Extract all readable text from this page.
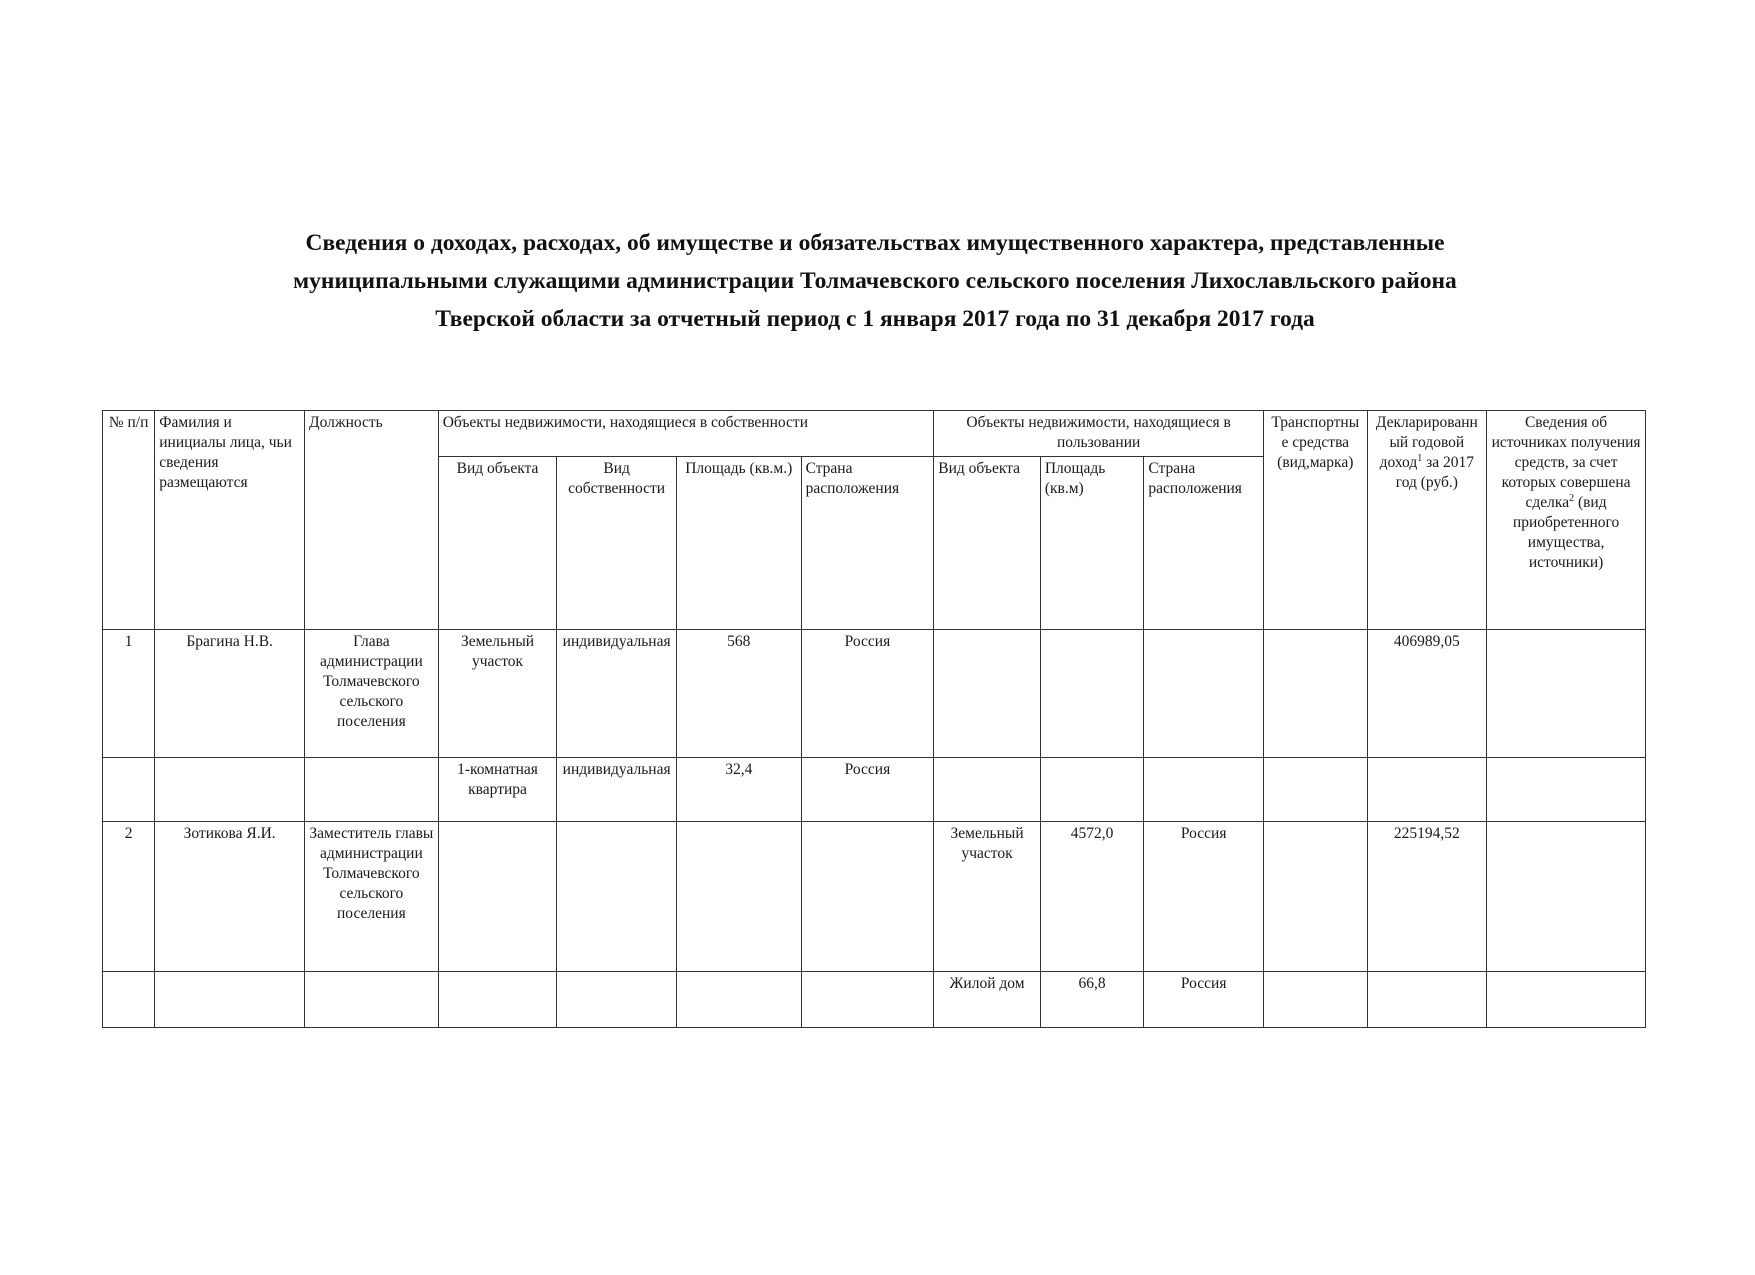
Сведения о доходах, расходах, об имуществе и обязательствах имущественного характера, представленные
муниципальными служащими администрации Толмачевского сельского поселения Лихославльского района
Тверской области за отчетный период с 1 января 2017 года по 31 декабря 2017 года
№ п/п	Фамилия и инициалы лица, чьи сведения размещаются	Должность	Объекты недвижимости, находящиеся в собственности				Объекты недвижимости, находящиеся в пользовании			Транспортные средства (вид,марка)	Декларированный годовой доход$^1$ за 2017 год (руб.)	Сведения об источниках получения средств, за счет которых совершена сделка$^2$ (вид приобретенного имущества, источники)
			Вид объекта	Вид собственности	Площадь (кв.м.)	Страна расположения	Вид объекта	Площадь (кв.м)	Страна расположения			
1	Брагина Н.В.	Глава администрации Толмачевского сельского поселения	Земельный участок	индивидуальная	568	Россия					406989,05	
			1-комнатная квартира	индивидуальная	32,4	Россия						
2	Зотикова Я.И.	Заместитель главы администрации Толмачевского сельского поселения					Земельный участок	4572,0	Россия		225194,52	
							Жилой дом	66,8	Россия			
